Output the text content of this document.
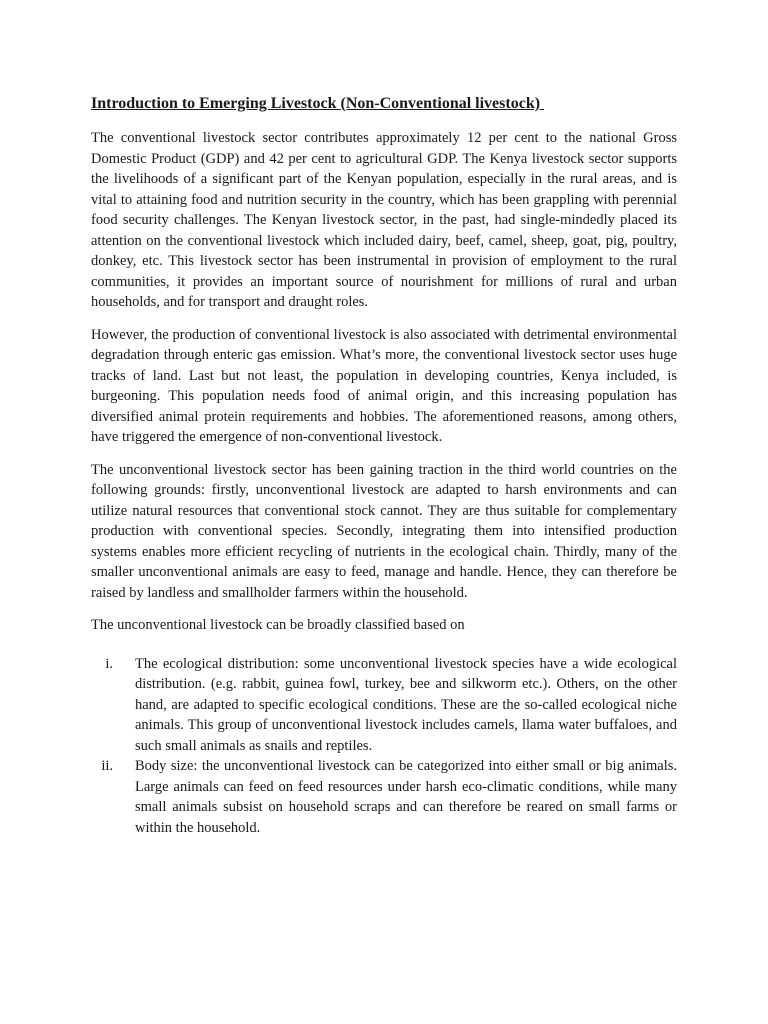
Introduction to Emerging Livestock (Non-Conventional livestock)

The conventional livestock sector contributes approximately 12 per cent to the national Gross Domestic Product (GDP) and 42 per cent to agricultural GDP. The Kenya livestock sector supports the livelihoods of a significant part of the Kenyan population, especially in the rural areas, and is vital to attaining food and nutrition security in the country, which has been grappling with perennial food security challenges. The Kenyan livestock sector, in the past, had single-mindedly placed its attention on the conventional livestock which included dairy, beef, camel, sheep, goat, pig, poultry, donkey, etc. This livestock sector has been instrumental in provision of employment to the rural communities, it provides an important source of nourishment for millions of rural and urban households, and for transport and draught roles.

However, the production of conventional livestock is also associated with detrimental environmental degradation through enteric gas emission. What’s more, the conventional livestock sector uses huge tracks of land. Last but not least, the population in developing countries, Kenya included, is burgeoning. This population needs food of animal origin, and this increasing population has diversified animal protein requirements and hobbies. The aforementioned reasons, among others, have triggered the emergence of non-conventional livestock.

The unconventional livestock sector has been gaining traction in the third world countries on the following grounds: firstly, unconventional livestock are adapted to harsh environments and can utilize natural resources that conventional stock cannot. They are thus suitable for complementary production with conventional species. Secondly, integrating them into intensified production systems enables more efficient recycling of nutrients in the ecological chain. Thirdly, many of the smaller unconventional animals are easy to feed, manage and handle. Hence, they can therefore be raised by landless and smallholder farmers within the household.

The unconventional livestock can be broadly classified based on

i. The ecological distribution: some unconventional livestock species have a wide ecological distribution. (e.g. rabbit, guinea fowl, turkey, bee and silkworm etc.). Others, on the other hand, are adapted to specific ecological conditions. These are the so-called ecological niche animals. This group of unconventional livestock includes camels, llama water buffaloes, and such small animals as snails and reptiles.
ii. Body size: the unconventional livestock can be categorized into either small or big animals. Large animals can feed on feed resources under harsh eco-climatic conditions, while many small animals subsist on household scraps and can therefore be reared on small farms or within the household.
